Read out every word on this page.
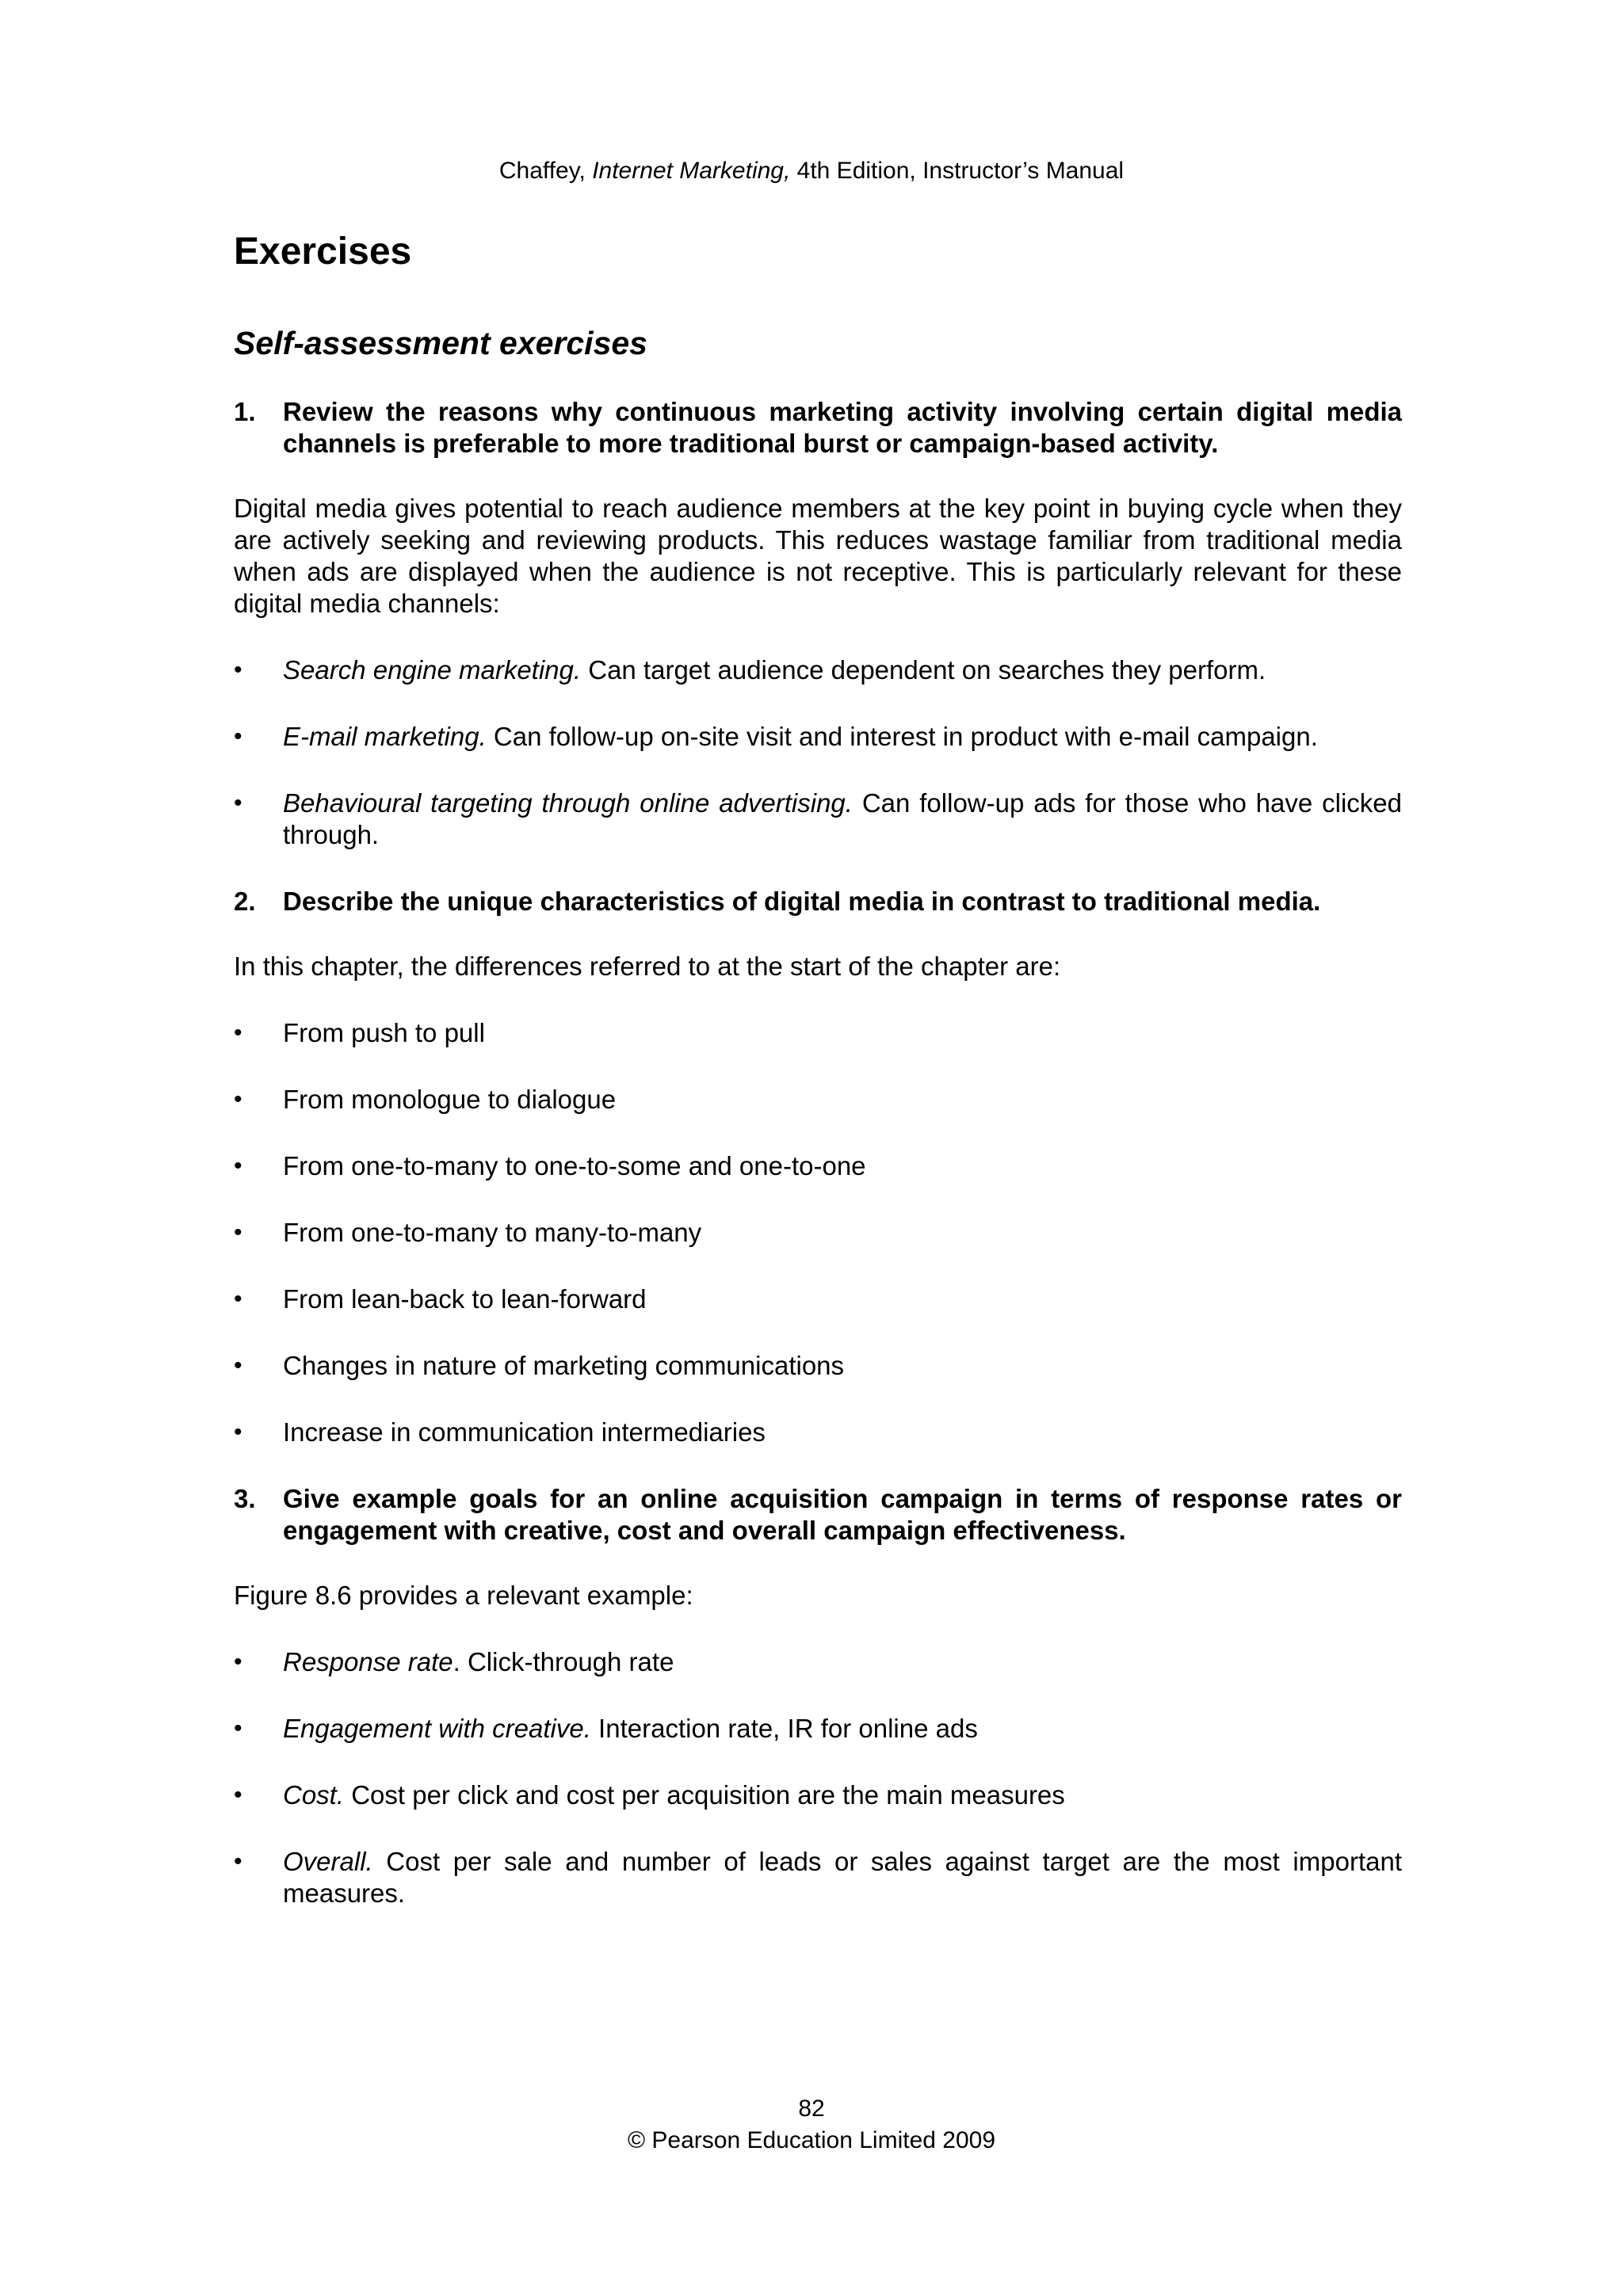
Chaffey, Internet Marketing, 4th Edition, Instructor’s Manual
Exercises
Self-assessment exercises
1.	Review the reasons why continuous marketing activity involving certain digital media channels is preferable to more traditional burst or campaign-based activity.
Digital media gives potential to reach audience members at the key point in buying cycle when they are actively seeking and reviewing products. This reduces wastage familiar from traditional media when ads are displayed when the audience is not receptive. This is particularly relevant for these digital media channels:
•	Search engine marketing. Can target audience dependent on searches they perform.
•	E-mail marketing. Can follow-up on-site visit and interest in product with e-mail campaign.
•	Behavioural targeting through online advertising. Can follow-up ads for those who have clicked through.
2.	Describe the unique characteristics of digital media in contrast to traditional media.
In this chapter, the differences referred to at the start of the chapter are:
•	From push to pull
•	From monologue to dialogue
•	From one-to-many to one-to-some and one-to-one
•	From one-to-many to many-to-many
•	From lean-back to lean-forward
•	Changes in nature of marketing communications
•	Increase in communication intermediaries
3.	Give example goals for an online acquisition campaign in terms of response rates or engagement with creative, cost and overall campaign effectiveness.
Figure 8.6 provides a relevant example:
•	Response rate. Click-through rate
•	Engagement with creative. Interaction rate, IR for online ads
•	Cost. Cost per click and cost per acquisition are the main measures
•	Overall. Cost per sale and number of leads or sales against target are the most important measures.
82
© Pearson Education Limited 2009
